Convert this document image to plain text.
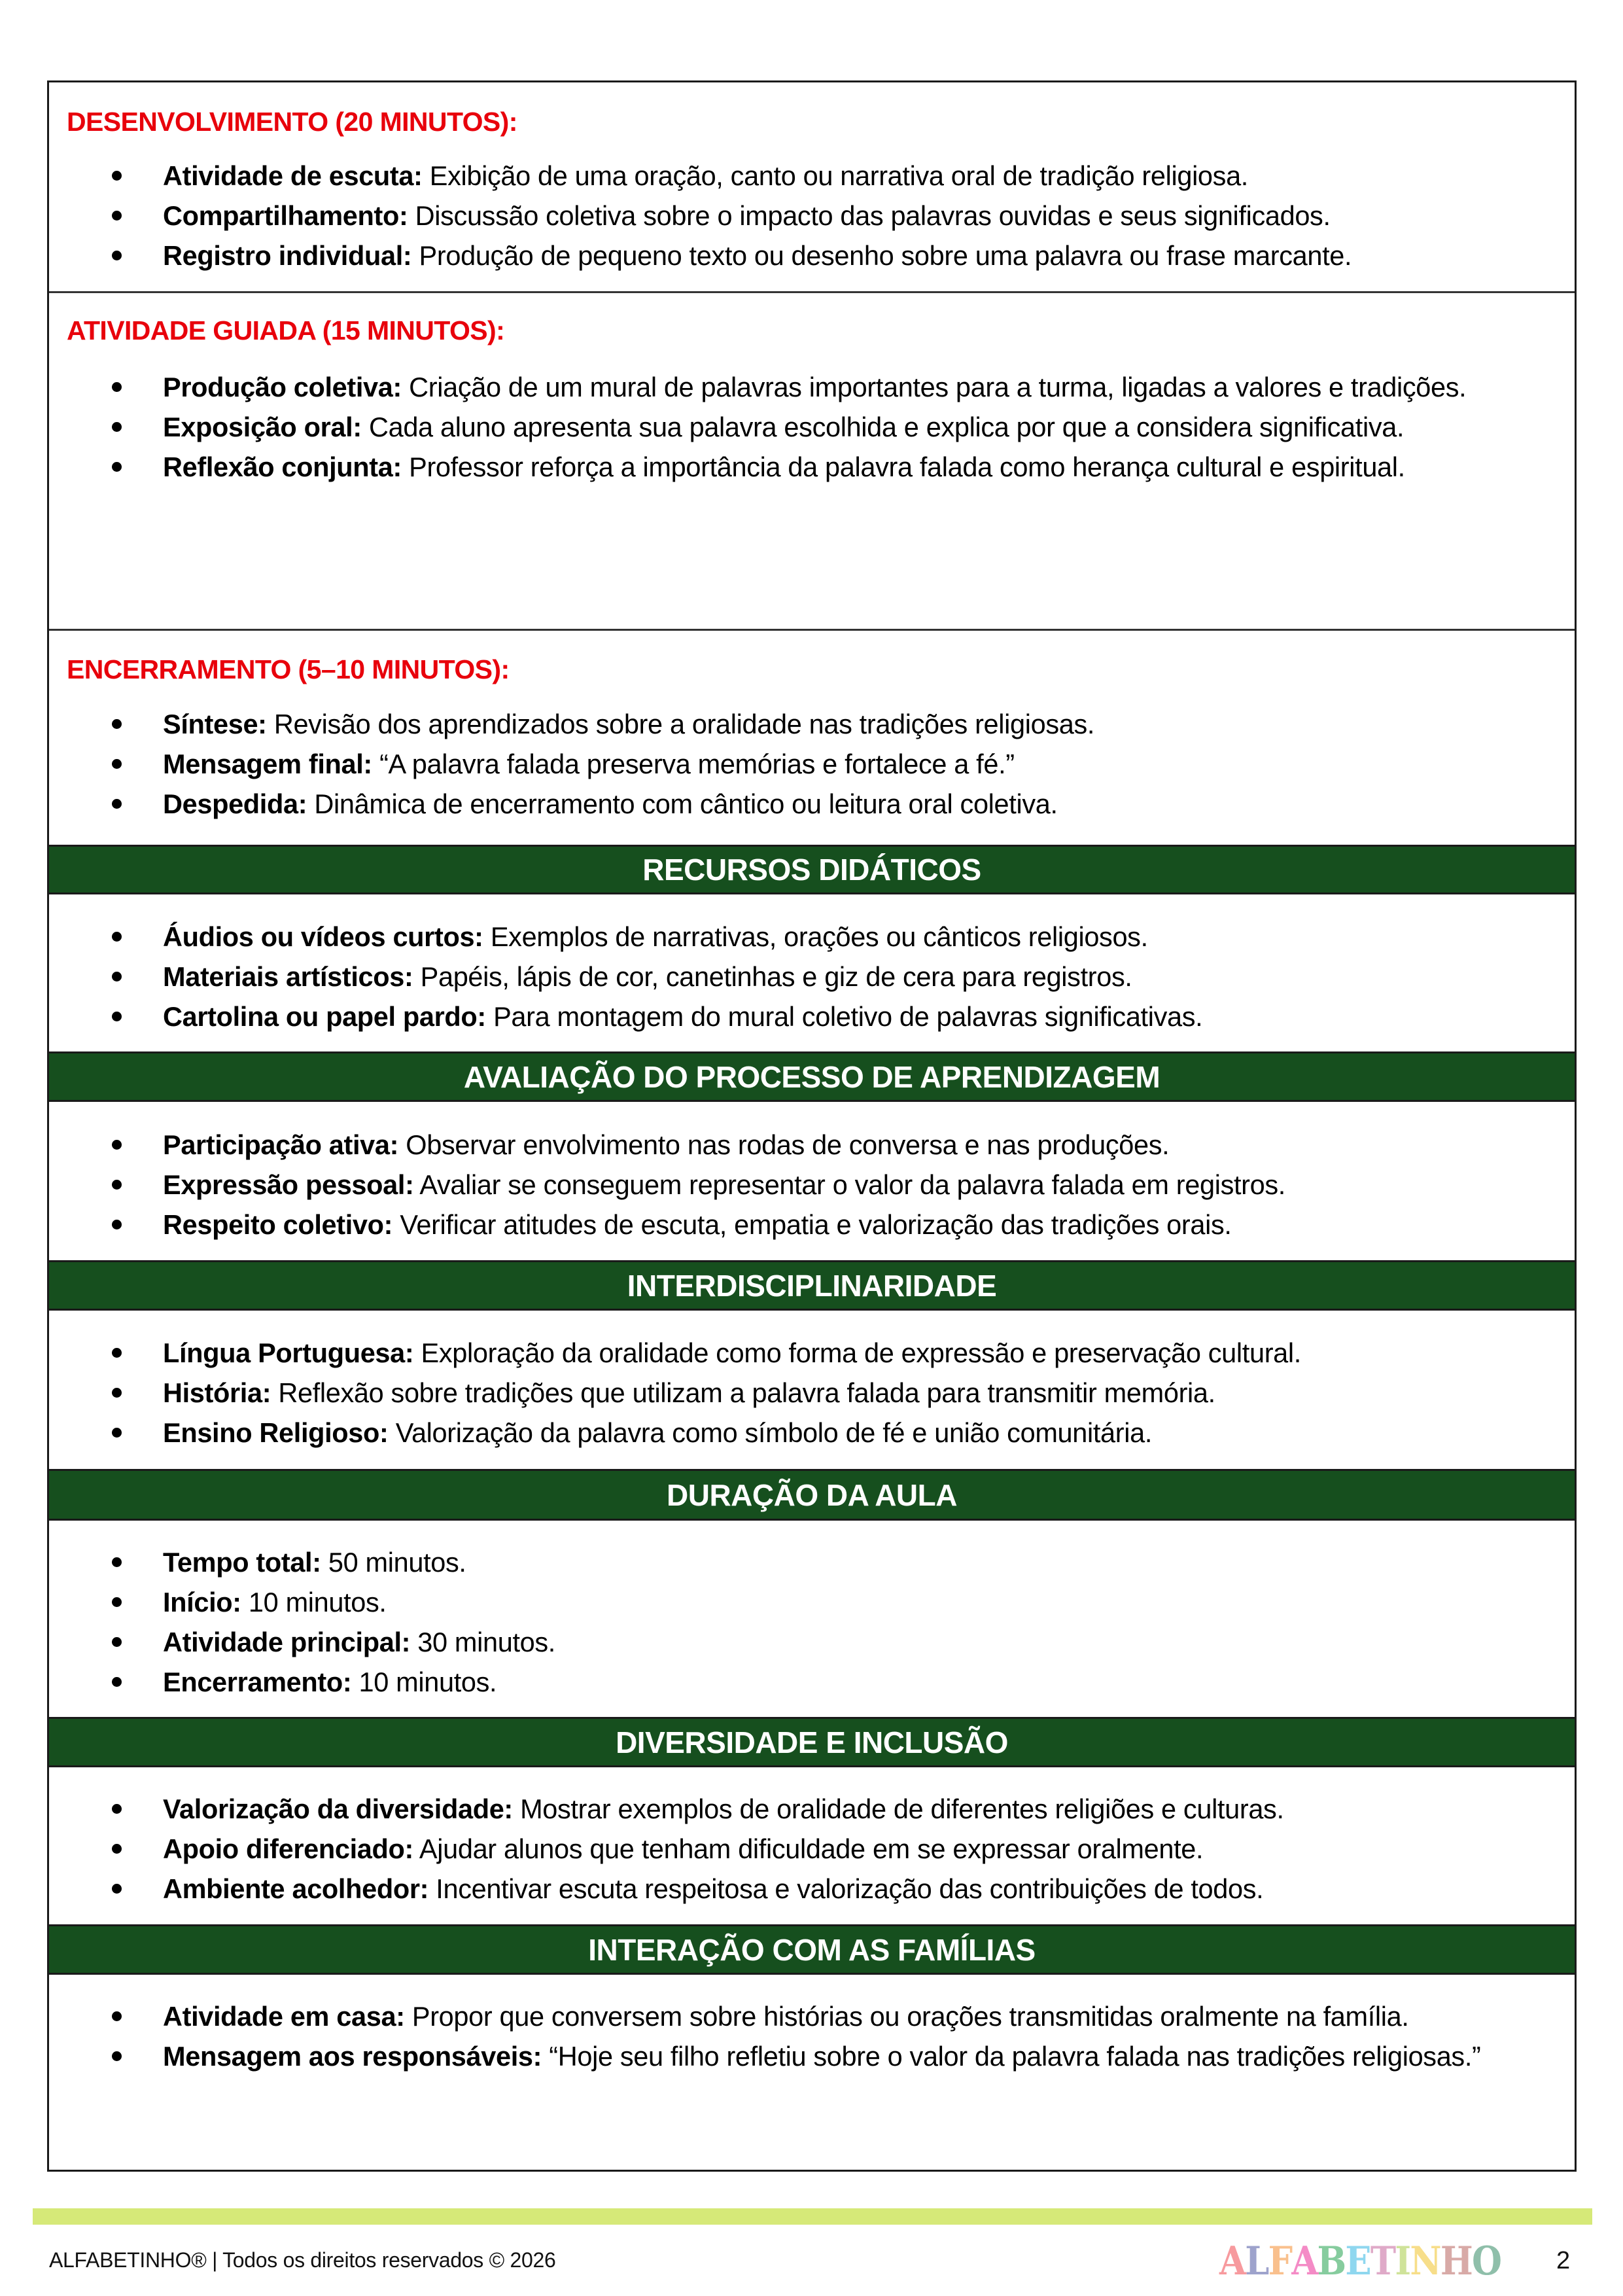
DESENVOLVIMENTO (20 MINUTOS):
Atividade de escuta: Exibição de uma oração, canto ou narrativa oral de tradição religiosa.
Compartilhamento: Discussão coletiva sobre o impacto das palavras ouvidas e seus significados.
Registro individual: Produção de pequeno texto ou desenho sobre uma palavra ou frase marcante.
ATIVIDADE GUIADA (15 MINUTOS):
Produção coletiva: Criação de um mural de palavras importantes para a turma, ligadas a valores e tradições.
Exposição oral: Cada aluno apresenta sua palavra escolhida e explica por que a considera significativa.
Reflexão conjunta: Professor reforça a importância da palavra falada como herança cultural e espiritual.
ENCERRAMENTO (5–10 MINUTOS):
Síntese: Revisão dos aprendizados sobre a oralidade nas tradições religiosas.
Mensagem final: “A palavra falada preserva memórias e fortalece a fé.”
Despedida: Dinâmica de encerramento com cântico ou leitura oral coletiva.
RECURSOS DIDÁTICOS
Áudios ou vídeos curtos: Exemplos de narrativas, orações ou cânticos religiosos.
Materiais artísticos: Papéis, lápis de cor, canetinhas e giz de cera para registros.
Cartolina ou papel pardo: Para montagem do mural coletivo de palavras significativas.
AVALIAÇÃO DO PROCESSO DE APRENDIZAGEM
Participação ativa: Observar envolvimento nas rodas de conversa e nas produções.
Expressão pessoal: Avaliar se conseguem representar o valor da palavra falada em registros.
Respeito coletivo: Verificar atitudes de escuta, empatia e valorização das tradições orais.
INTERDISCIPLINARIDADE
Língua Portuguesa: Exploração da oralidade como forma de expressão e preservação cultural.
História: Reflexão sobre tradições que utilizam a palavra falada para transmitir memória.
Ensino Religioso: Valorização da palavra como símbolo de fé e união comunitária.
DURAÇÃO DA AULA
Tempo total: 50 minutos.
Início: 10 minutos.
Atividade principal: 30 minutos.
Encerramento: 10 minutos.
DIVERSIDADE E INCLUSÃO
Valorização da diversidade: Mostrar exemplos de oralidade de diferentes religiões e culturas.
Apoio diferenciado: Ajudar alunos que tenham dificuldade em se expressar oralmente.
Ambiente acolhedor: Incentivar escuta respeitosa e valorização das contribuições de todos.
INTERAÇÃO COM AS FAMÍLIAS
Atividade em casa: Propor que conversem sobre histórias ou orações transmitidas oralmente na família.
Mensagem aos responsáveis: “Hoje seu filho refletiu sobre o valor da palavra falada nas tradições religiosas.”
ALFABETINHO® | Todos os direitos reservados © 2026	ALFABETINHO 2
